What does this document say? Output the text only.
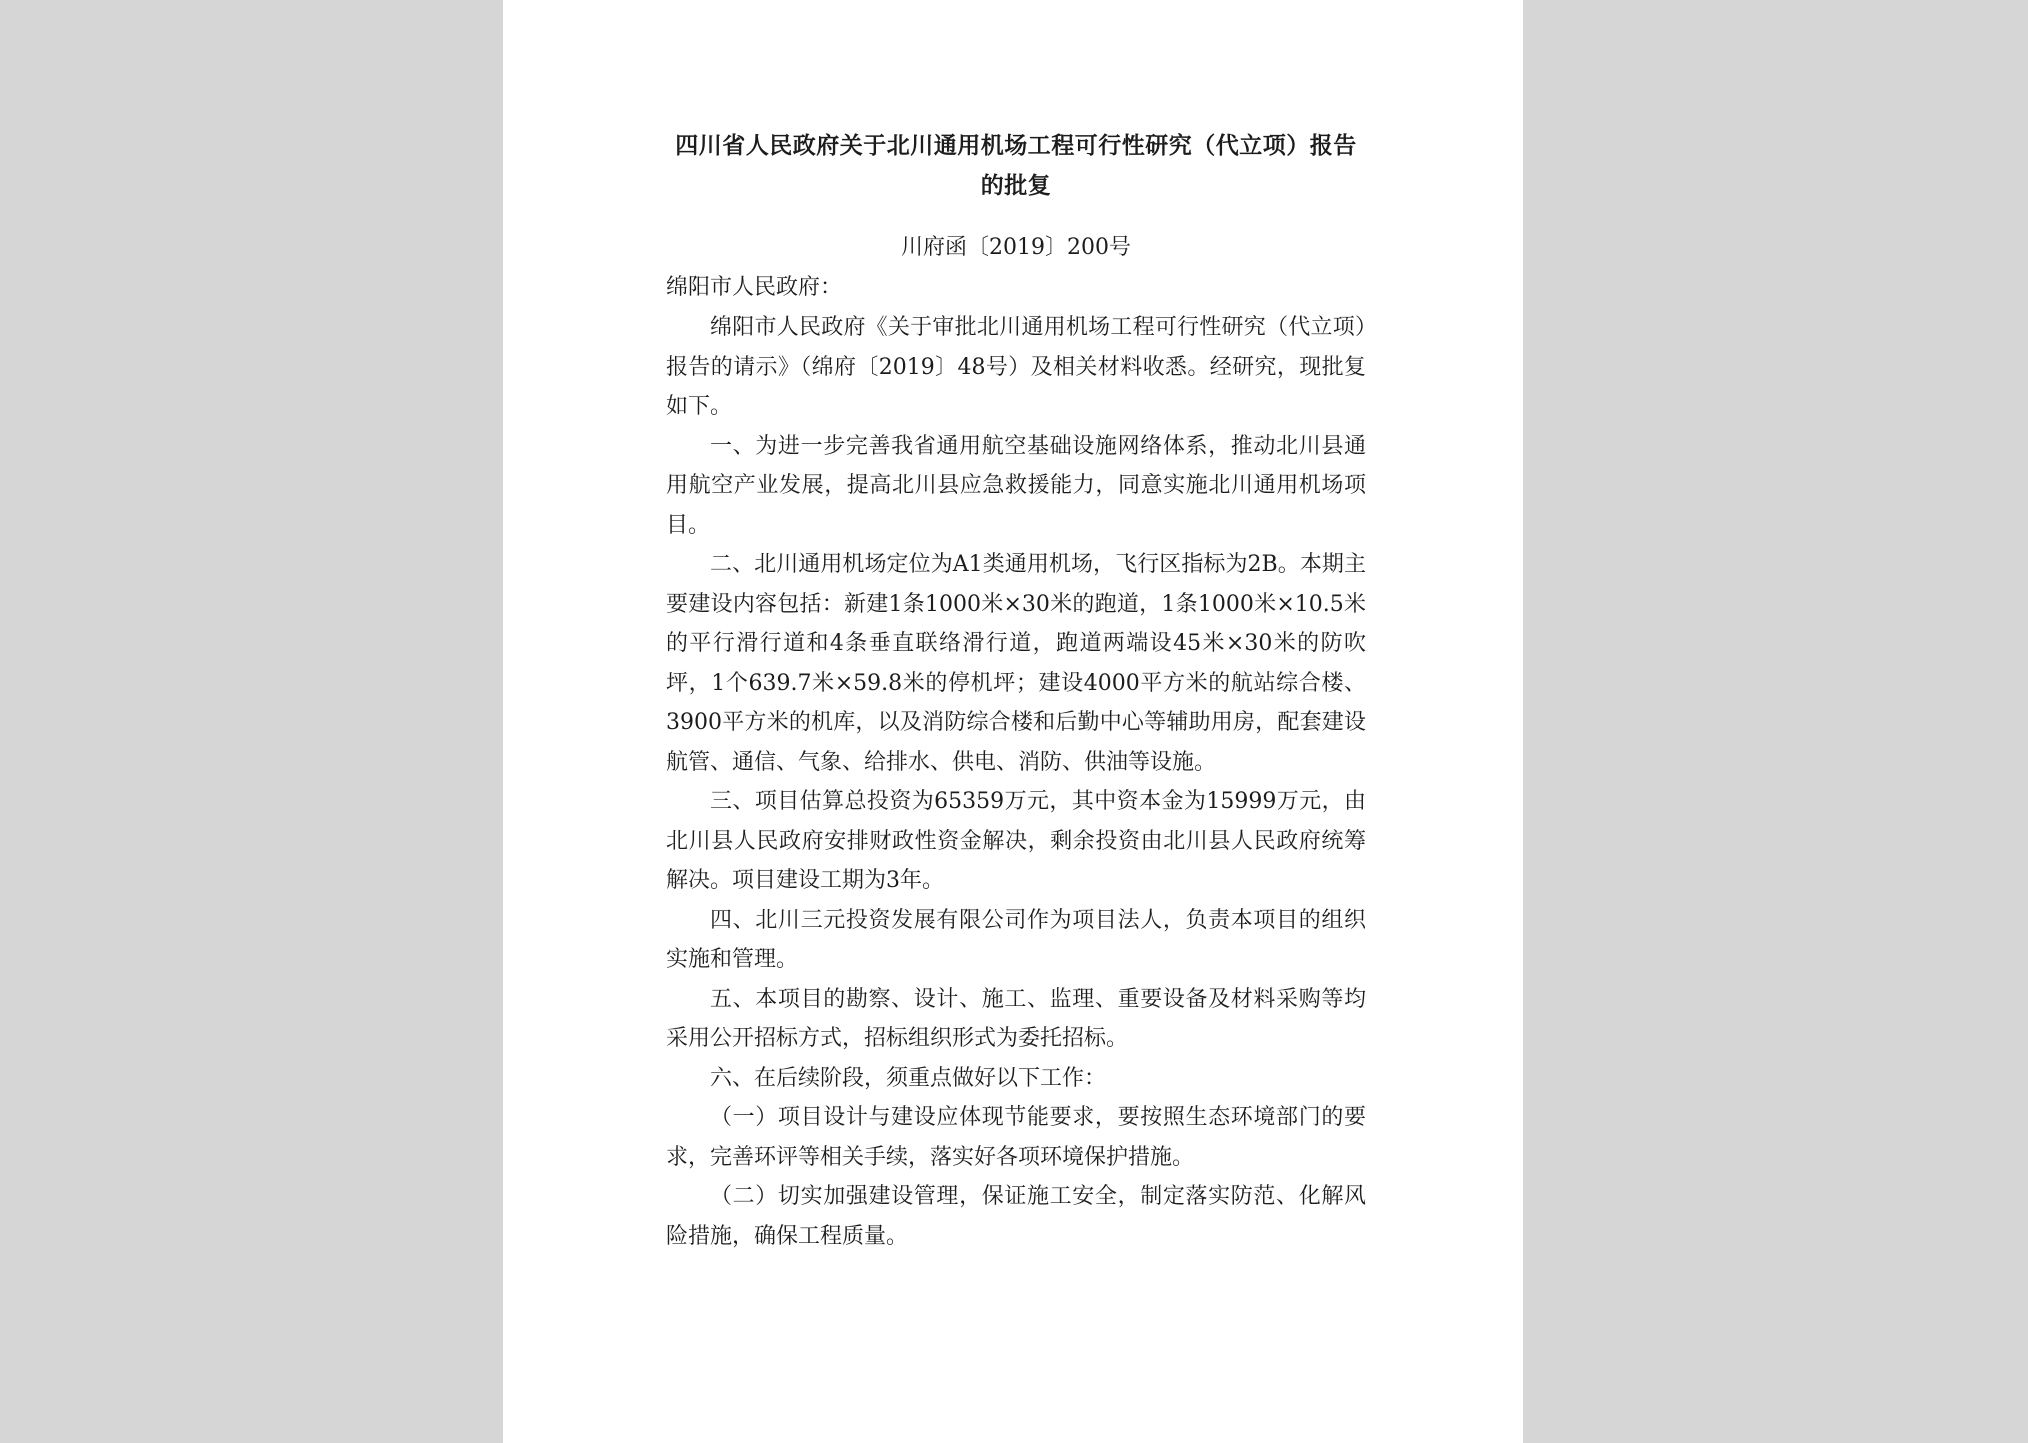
四川省人民政府关于北川通用机场工程可行性研究（代立项）报告的批复
川府函〔2019〕200号
绵阳市人民政府：

绵阳市人民政府《关于审批北川通用机场工程可行性研究（代立项）报告的请示》（绵府〔2019〕48号）及相关材料收悉。经研究，现批复如下。

一、为进一步完善我省通用航空基础设施网络体系，推动北川县通用航空产业发展，提高北川县应急救援能力，同意实施北川通用机场项目。

二、北川通用机场定位为A1类通用机场，飞行区指标为2B。本期主要建设内容包括：新建1条1000米×30米的跑道，1条1000米×10.5米的平行滑行道和4条垂直联络滑行道，跑道两端设45米×30米的防吹坪，1个639.7米×59.8米的停机坪；建设4000平方米的航站综合楼、3900平方米的机库，以及消防综合楼和后勤中心等辅助用房，配套建设航管、通信、气象、给排水、供电、消防、供油等设施。

三、项目估算总投资为65359万元，其中资本金为15999万元，由北川县人民政府安排财政性资金解决，剩余投资由北川县人民政府统筹解决。项目建设工期为3年。

四、北川三元投资发展有限公司作为项目法人，负责本项目的组织实施和管理。

五、本项目的勘察、设计、施工、监理、重要设备及材料采购等均采用公开招标方式，招标组织形式为委托招标。

六、在后续阶段，须重点做好以下工作：

（一）项目设计与建设应体现节能要求，要按照生态环境部门的要求，完善环评等相关手续，落实好各项环境保护措施。

（二）切实加强建设管理，保证施工安全，制定落实防范、化解风险措施，确保工程质量。
